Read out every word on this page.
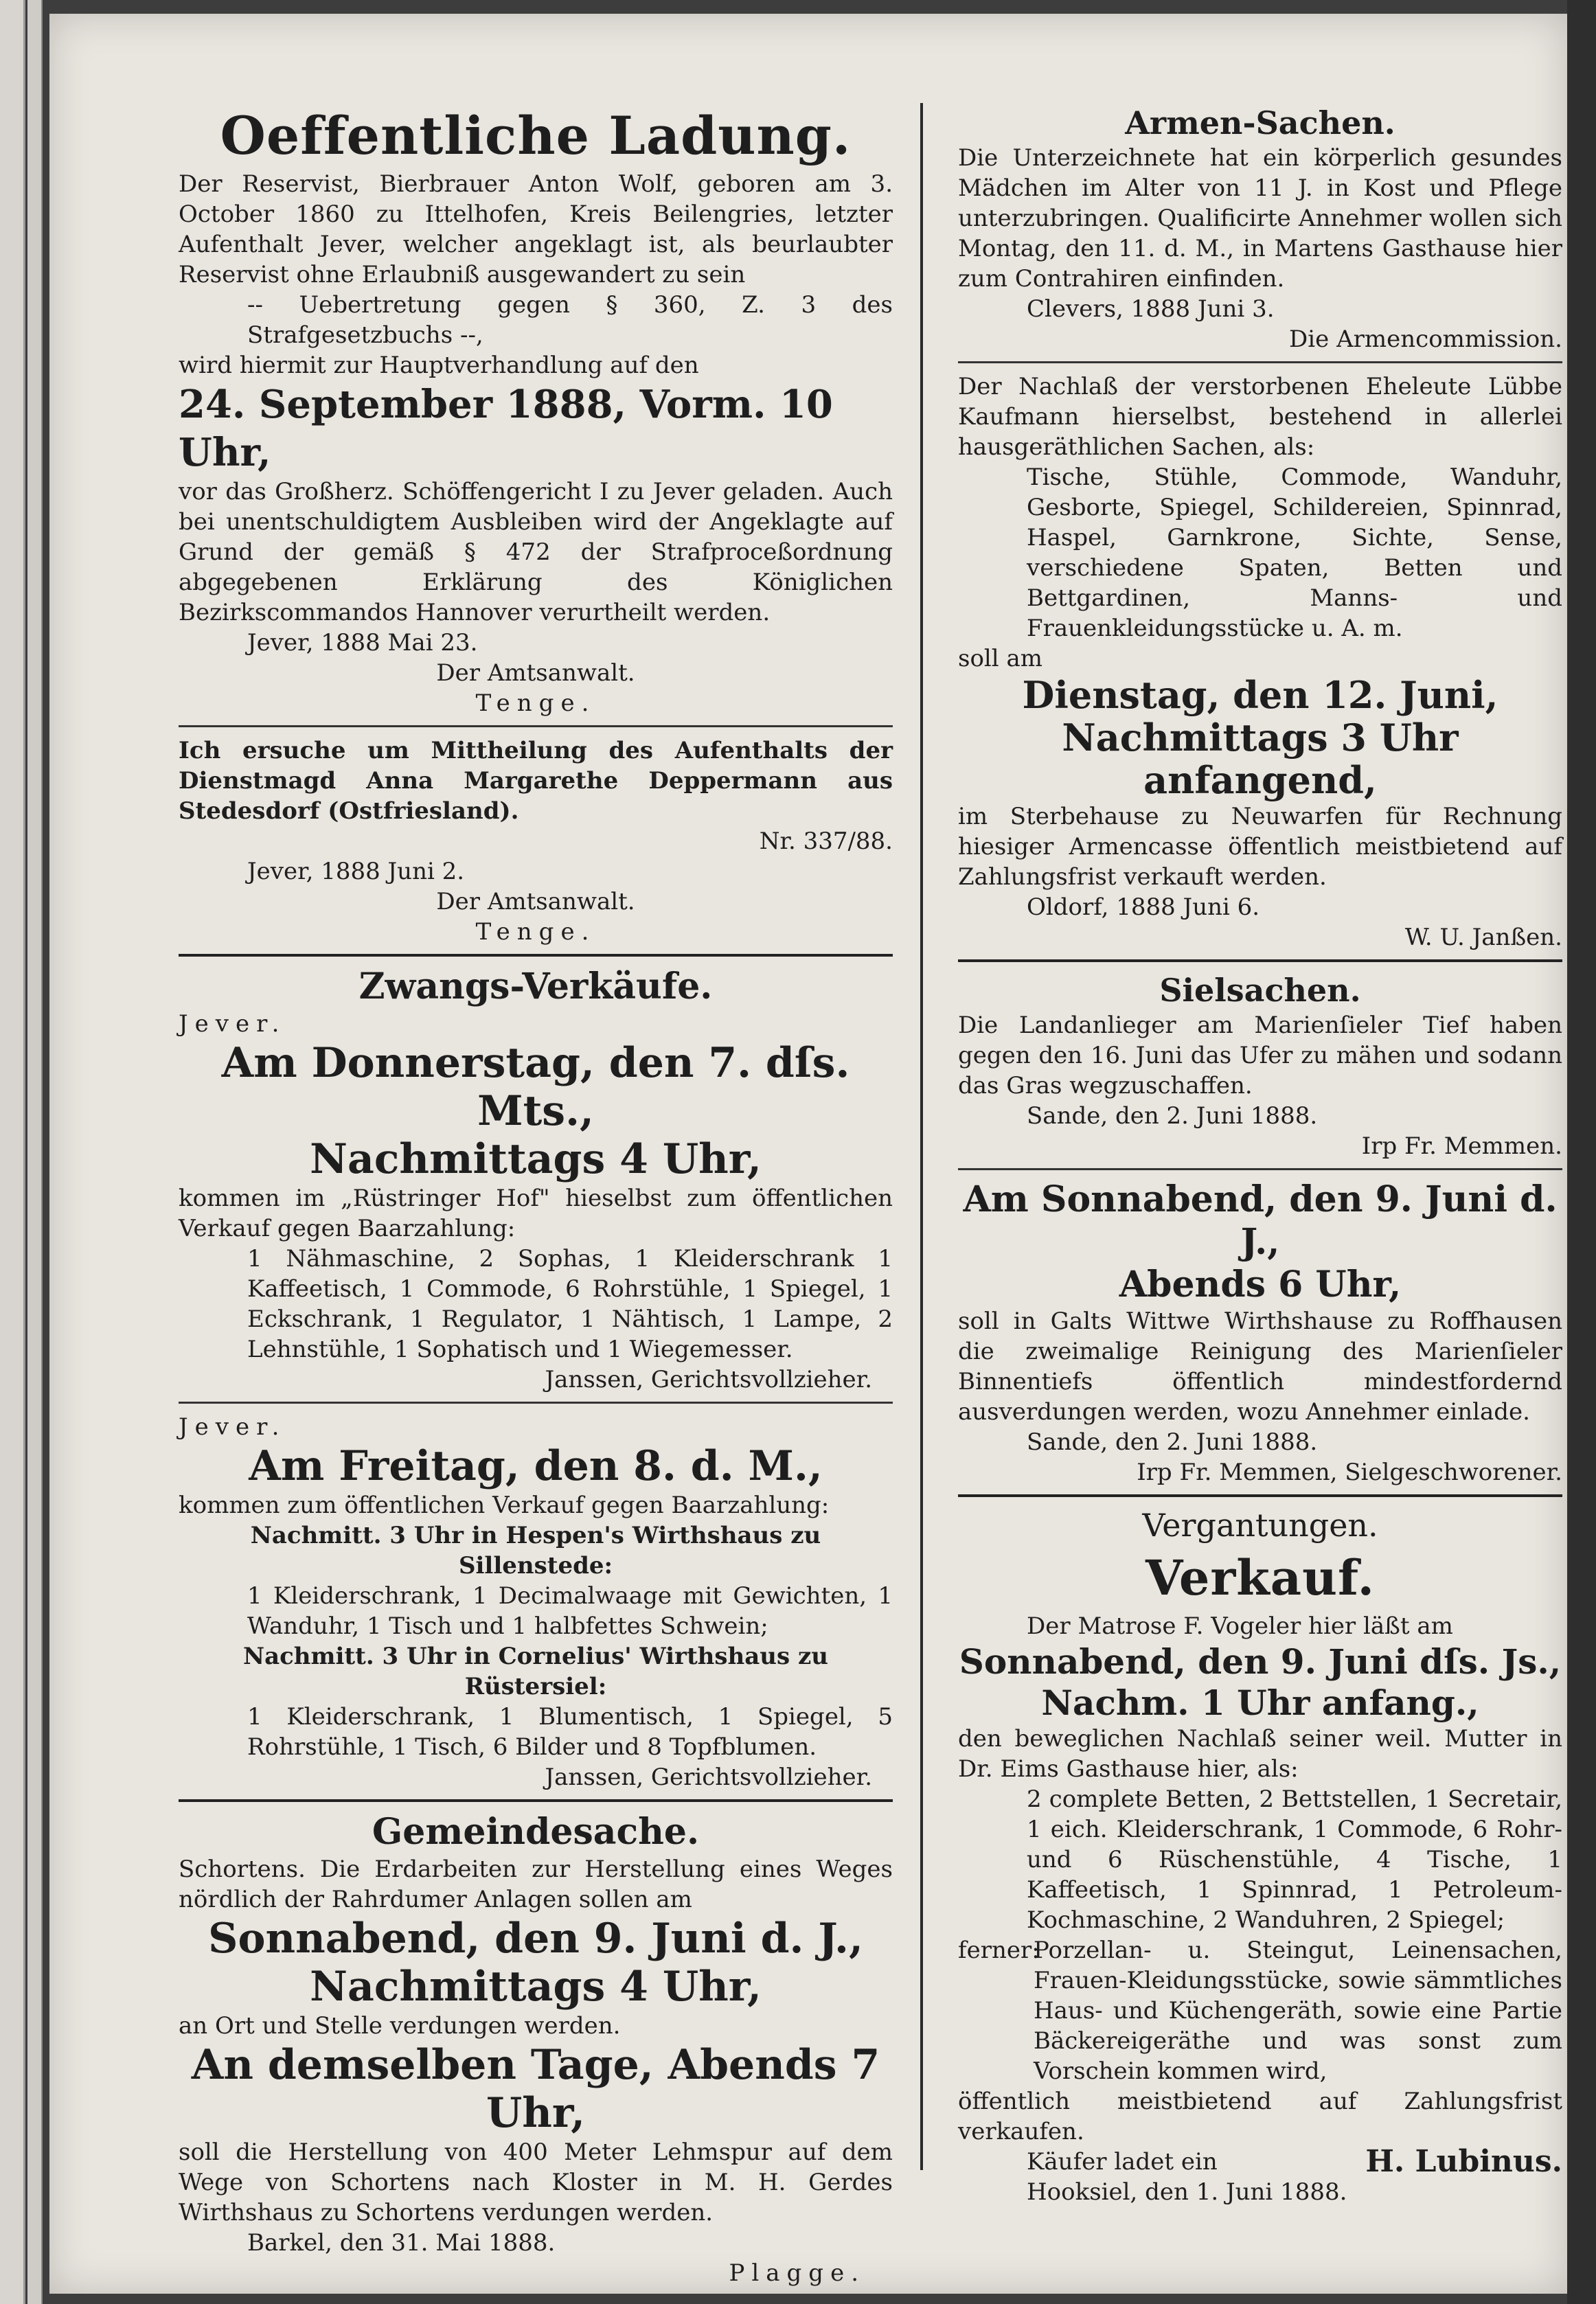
Oeffentliche Ladung.
Der Reservist, Bierbrauer Anton Wolf, geboren am 3. October 1860 zu Ittelhofen, Kreis Beilengries, letzter Aufenthalt Jever, welcher angeklagt ist, als beurlaubter Reservist ohne Erlaubniß ausgewandert zu sein
-- Uebertretung gegen § 360, Z. 3 des Strafgesetzbuchs --,
wird hiermit zur Hauptverhandlung auf den
24. September 1888, Vorm. 10 Uhr,
vor das Großherz. Schöffengericht I zu Jever geladen. Auch bei unentschuldigtem Ausbleiben wird der Angeklagte auf Grund der gemäß § 472 der Strafproceßordnung abgegebenen Erklärung des Königlichen Bezirkscommandos Hannover verurtheilt werden.
Jever, 1888 Mai 23.
Der Amtsanwalt.
Tenge.
Ich ersuche um Mittheilung des Aufenthalts der Dienstmagd Anna Margarethe Deppermann aus Stedesdorf (Ostfriesland).
Nr. 337/88.
Jever, 1888 Juni 2.
Der Amtsanwalt.
Tenge.
Zwangs-Verkäufe.
Jever.
Am Donnerstag, den 7. dſs. Mts.,
Nachmittags 4 Uhr,
kommen im „Rüstringer Hof" hieselbst zum öffentlichen Verkauf gegen Baarzahlung:
1 Nähmaschine, 2 Sophas, 1 Kleiderschrank 1 Kaffeetisch, 1 Commode, 6 Rohrstühle, 1 Spiegel, 1 Eckschrank, 1 Regulator, 1 Nähtisch, 1 Lampe, 2 Lehnstühle, 1 Sophatisch und 1 Wiegemesser.
Janssen, Gerichtsvollzieher.
Jever.
Am Freitag, den 8. d. M.,
kommen zum öffentlichen Verkauf gegen Baarzahlung:
Nachmitt. 3 Uhr in Hespen's Wirthshaus zu Sillenstede:
1 Kleiderschrank, 1 Decimalwaage mit Gewichten, 1 Wanduhr, 1 Tisch und 1 halbfettes Schwein;
Nachmitt. 3 Uhr in Cornelius' Wirthshaus zu Rüstersiel:
1 Kleiderschrank, 1 Blumentisch, 1 Spiegel, 5 Rohrstühle, 1 Tisch, 6 Bilder und 8 Topfblumen.
Janssen, Gerichtsvollzieher.
Gemeindesache.
Schortens. Die Erdarbeiten zur Herstellung eines Weges nördlich der Rahrdumer Anlagen sollen am
Sonnabend, den 9. Juni d. J.,
Nachmittags 4 Uhr,
an Ort und Stelle verdungen werden.
An demselben Tage, Abends 7 Uhr,
soll die Herstellung von 400 Meter Lehmspur auf dem Wege von Schortens nach Kloster in M. H. Gerdes Wirthshaus zu Schortens verdungen werden.
Barkel, den 31. Mai 1888.
Plagge.
Armen-Sachen.
Die Unterzeichnete hat ein körperlich gesundes Mädchen im Alter von 11 J. in Kost und Pflege unterzubringen. Qualificirte Annehmer wollen sich Montag, den 11. d. M., in Martens Gasthause hier zum Contrahiren einfinden.
Clevers, 1888 Juni 3.
Die Armencommission.
Der Nachlaß der verstorbenen Eheleute Lübbe Kaufmann hierselbst, bestehend in allerlei hausgeräthlichen Sachen, als:
Tische, Stühle, Commode, Wanduhr, Gesborte, Spiegel, Schildereien, Spinnrad, Haspel, Garnkrone, Sichte, Sense, verschiedene Spaten, Betten und Bettgardinen, Manns- und Frauenkleidungsstücke u. A. m.
soll am
Dienstag, den 12. Juni,
Nachmittags 3 Uhr anfangend,
im Sterbehause zu Neuwarfen für Rechnung hiesiger Armencasse öffentlich meistbietend auf Zahlungsfrist verkauft werden.
Oldorf, 1888 Juni 6.
W. U. Janßen.
Sielsachen.
Die Landanlieger am Marienſieler Tief haben gegen den 16. Juni das Ufer zu mähen und sodann das Gras wegzuschaffen.
Sande, den 2. Juni 1888.
Irp Fr. Memmen.
Am Sonnabend, den 9. Juni d. J.,
Abends 6 Uhr,
soll in Galts Wittwe Wirthshause zu Roffhausen die zweimalige Reinigung des Marienſieler Binnentiefs öffentlich mindestfordernd ausverdungen werden, wozu Annehmer einlade.
Sande, den 2. Juni 1888.
Irp Fr. Memmen, Sielgeschworener.
Vergantungen.
Verkauf.
Der Matrose F. Vogeler hier läßt am
Sonnabend, den 9. Juni dſs. Js.,
Nachm. 1 Uhr anfang.,
den beweglichen Nachlaß seiner weil. Mutter in Dr. Eims Gasthause hier, als:
2 complete Betten, 2 Bettstellen, 1 Secretair, 1 eich. Kleiderschrank, 1 Commode, 6 Rohr- und 6 Rüschenstühle, 4 Tische, 1 Kaffeetisch, 1 Spinnrad, 1 Petroleum-Kochmaschine, 2 Wanduhren, 2 Spiegel;
ferner:
Porzellan- u. Steingut, Leinensachen, Frauen-Kleidungsstücke, sowie sämmtliches Haus- und Küchengeräth, sowie eine Partie Bäckereigeräthe und was sonst zum Vorschein kommen wird,
öffentlich meistbietend auf Zahlungsfrist verkaufen.
Käufer ladet ein	H. Lubinus.
Hooksiel, den 1. Juni 1888.
